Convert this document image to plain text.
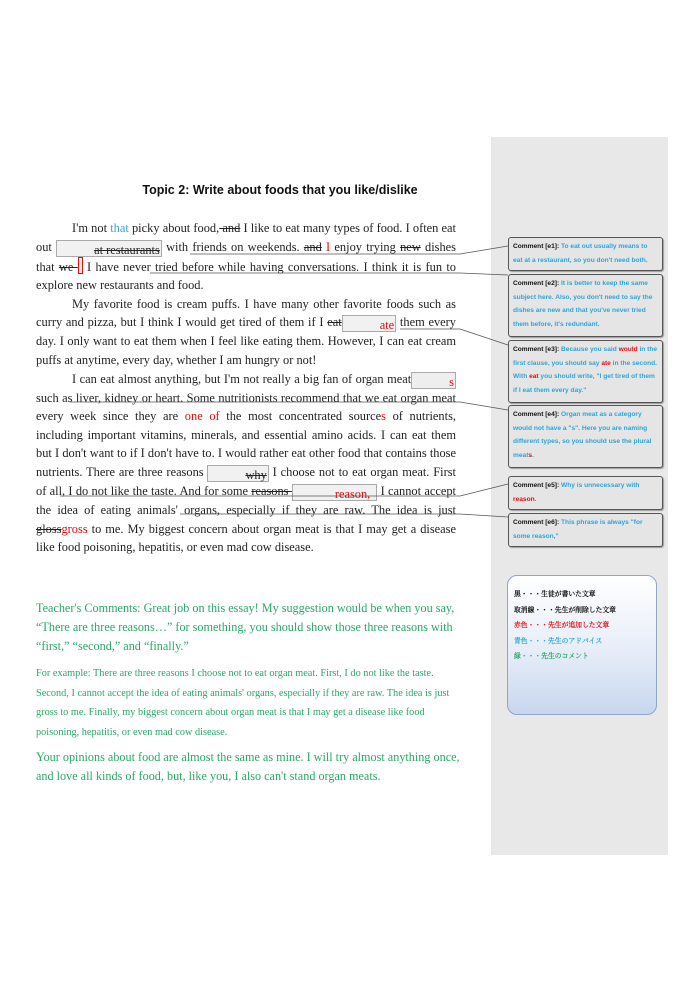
Topic 2: Write about foods that you like/dislike

I'm not that picky about food, and I like to eat many types of food. I often eat out	at restaurants with friends on weekends. and I enjoy trying new dishes that we  I have never tried before while having conversations. I think it is fun to explore new restaurants and food.

My favorite food is cream puffs. I have many other favorite foods such as curry and pizza, but I think I would get tired of them if I eat	ate them every day. I only want to eat them when I feel like eating them. However, I can eat cream puffs at anytime, every day, whether I am hungry or not!

I can eat almost anything, but I'm not really a big fan of organ meat	s such as liver, kidney or heart. Some nutritionists recommend that we eat organ meat every week since they are one of the most concentrated sources of nutrients, including important vitamins, minerals, and essential amino acids. I can eat them but I don't want to if I don't have to. I would rather eat other food that contains those nutrients. There are three reasons	why I choose not to eat organ meat. First of all, I do not like the taste. And for some reasons	reason, I cannot accept the idea of eating animals' organs, especially if they are raw. The idea is just glossgross to me. My biggest concern about organ meat is that I may get a disease like food poisoning, hepatitis, or even mad cow disease.

Comment [e1]: To eat out usually means to eat at a restaurant, so you don't need both.
Comment [e2]: It is better to keep the same subject here. Also, you don't need to say the dishes are new and that you've never tried them before, it's redundant.
Comment [e3]: Because you said would in the first clause, you should say ate in the second. With eat you should write, "I get tired of them if I eat them every day."
Comment [e4]: Organ meat as a category would not have a "s". Here you are naming different types, so you should use the plural meats.
Comment [e5]: Why is unnecessary with reason.
Comment [e6]: This phrase is always "for some reason,"
Teacher's Comments: Great job on this essay! My suggestion would be when you say, “There are three reasons…” for something, you should show those three reasons with “first,” “second,” and “finally.”
For example: There are three reasons I choose not to eat organ meat. First, I do not like the taste. Second, I cannot accept the idea of eating animals' organs, especially if they are raw. The idea is just gross to me. Finally, my biggest concern about organ meat is that I may get a disease like food poisoning, hepatitis, or even mad cow disease.
Your opinions about food are almost the same as mine. I will try almost anything once, and love all kinds of food, but, like you, I also can't stand organ meats.
黒・・・生徒が書いた文章
取消線・・・先生が削除した文章
赤色・・・先生が追加した文章
青色・・・先生のアドバイス
緑・・・先生のコメント
